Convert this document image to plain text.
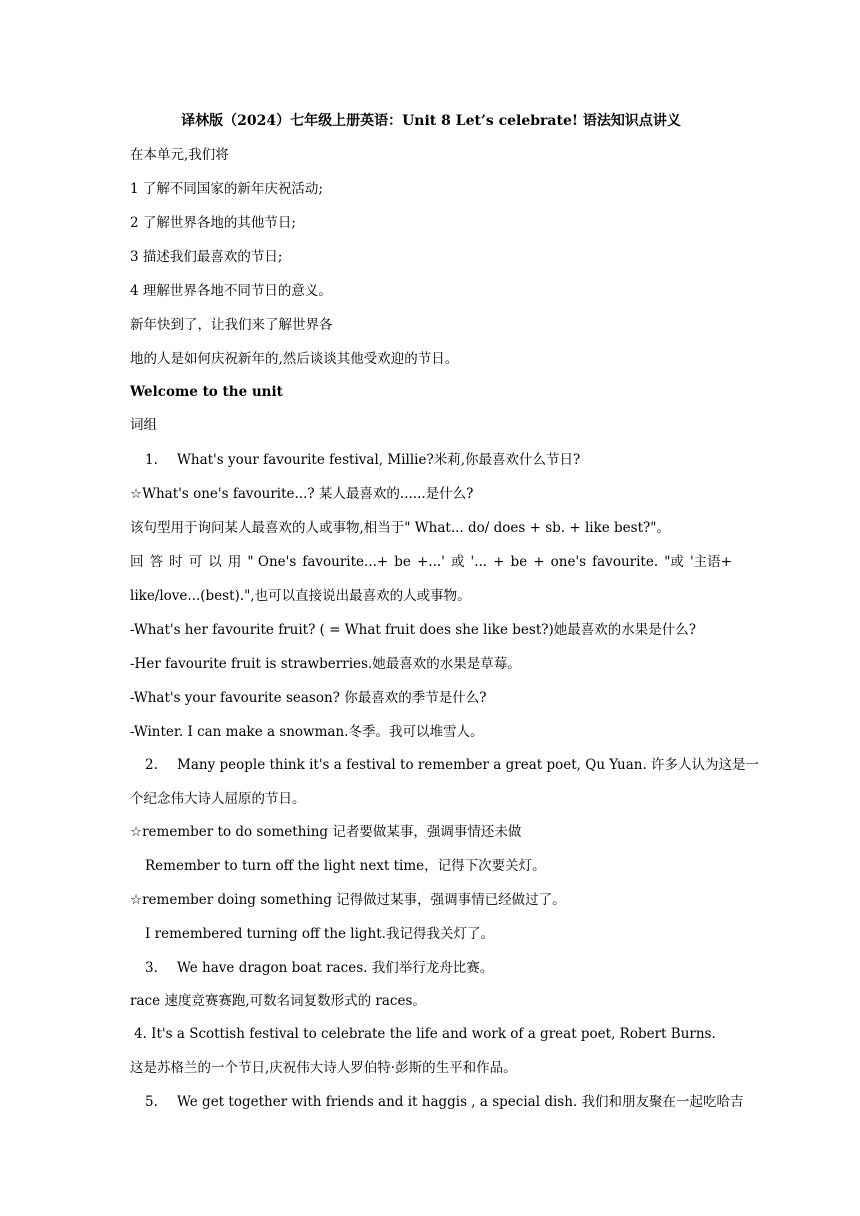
译林版（2024）七年级上册英语：Unit 8 Let’s celebrate! 语法知识点讲义
在本单元,我们将
1 了解不同国家的新年庆祝活动;
2 了解世界各地的其他节日;
3 描述我们最喜欢的节日;
4 理解世界各地不同节日的意义。
新年快到了，让我们来了解世界各
地的人是如何庆祝新年的,然后谈谈其他受欢迎的节日。
Welcome to the unit
词组
1. What's your favourite festival, Millie?米莉,你最喜欢什么节日?
☆What's one's favourite...? 某人最喜欢的......是什么?
该句型用于询问某人最喜欢的人或事物,相当于" What... do/ does + sb. + like best?"。
回 答 时 可 以 用 " One's favourite...+ be +...' 或 '... + be + one's favourite. "或 '主语+
like/love...(best).",也可以直接说出最喜欢的人或事物。
-What's her favourite fruit? ( = What fruit does she like best?)她最喜欢的水果是什么?
-Her favourite fruit is strawberries.她最喜欢的水果是草莓。
-What's your favourite season? 你最喜欢的季节是什么?
-Winter. I can make a snowman.冬季。我可以堆雪人。
2. Many people think it's a festival to remember a great poet, Qu Yuan. 许多人认为这是一
个纪念伟大诗人屈原的节日。
☆remember to do something 记者要做某事，强调事情还未做
Remember to turn off the light next time，记得下次要关灯。
☆remember doing something 记得做过某事，强调事情已经做过了。
I remembered turning off the light.我记得我关灯了。
3. We have dragon boat races. 我们举行龙舟比赛。
race 速度竞赛赛跑,可数名词复数形式的 races。
4. It's a Scottish festival to celebrate the life and work of a great poet, Robert Burns.
这是苏格兰的一个节日,庆祝伟大诗人罗伯特·彭斯的生平和作品。
5. We get together with friends and it haggis , a special dish. 我们和朋友聚在一起吃哈吉
